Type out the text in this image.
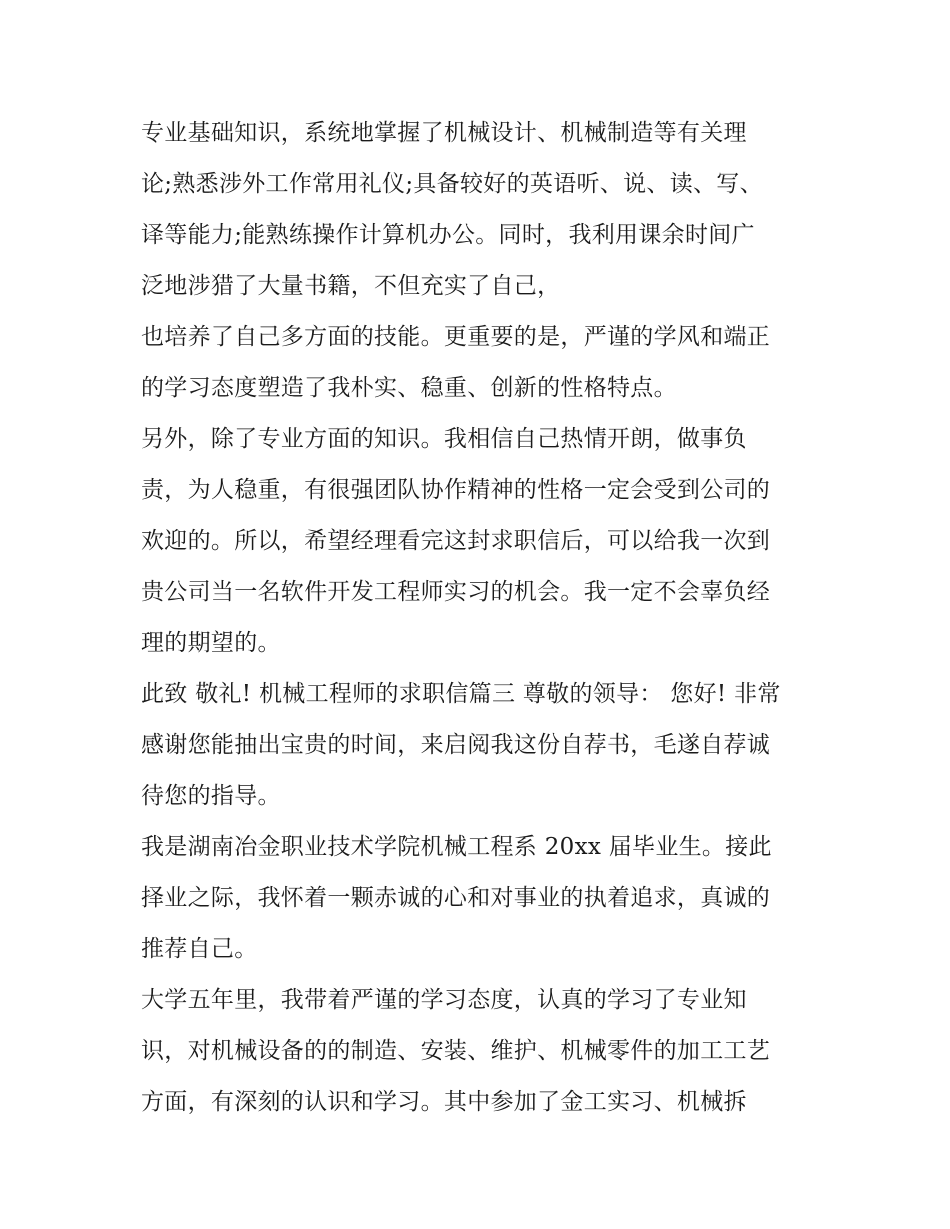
专业基础知识，系统地掌握了机械设计、机械制造等有关理
论;熟悉涉外工作常用礼仪;具备较好的英语听、说、读、写、
译等能力;能熟练操作计算机办公。同时，我利用课余时间广
泛地涉猎了大量书籍，不但充实了自己，
也培养了自己多方面的技能。更重要的是，严谨的学风和端正
的学习态度塑造了我朴实、稳重、创新的性格特点。
另外，除了专业方面的知识。我相信自己热情开朗，做事负
责，为人稳重，有很强团队协作精神的性格一定会受到公司的
欢迎的。所以，希望经理看完这封求职信后，可以给我一次到
贵公司当一名软件开发工程师实习的机会。我一定不会辜负经
理的期望的。
此致 敬礼! 机械工程师的求职信篇三 尊敬的领导： 您好! 非常
感谢您能抽出宝贵的时间，来启阅我这份自荐书，毛遂自荐诚
待您的指导。
我是湖南冶金职业技术学院机械工程系 20xx 届毕业生。接此
择业之际，我怀着一颗赤诚的心和对事业的执着追求，真诚的
推荐自己。
大学五年里，我带着严谨的学习态度，认真的学习了专业知
识，对机械设备的的制造、安装、维护、机械零件的加工工艺
方面，有深刻的认识和学习。其中参加了金工实习、机械拆
